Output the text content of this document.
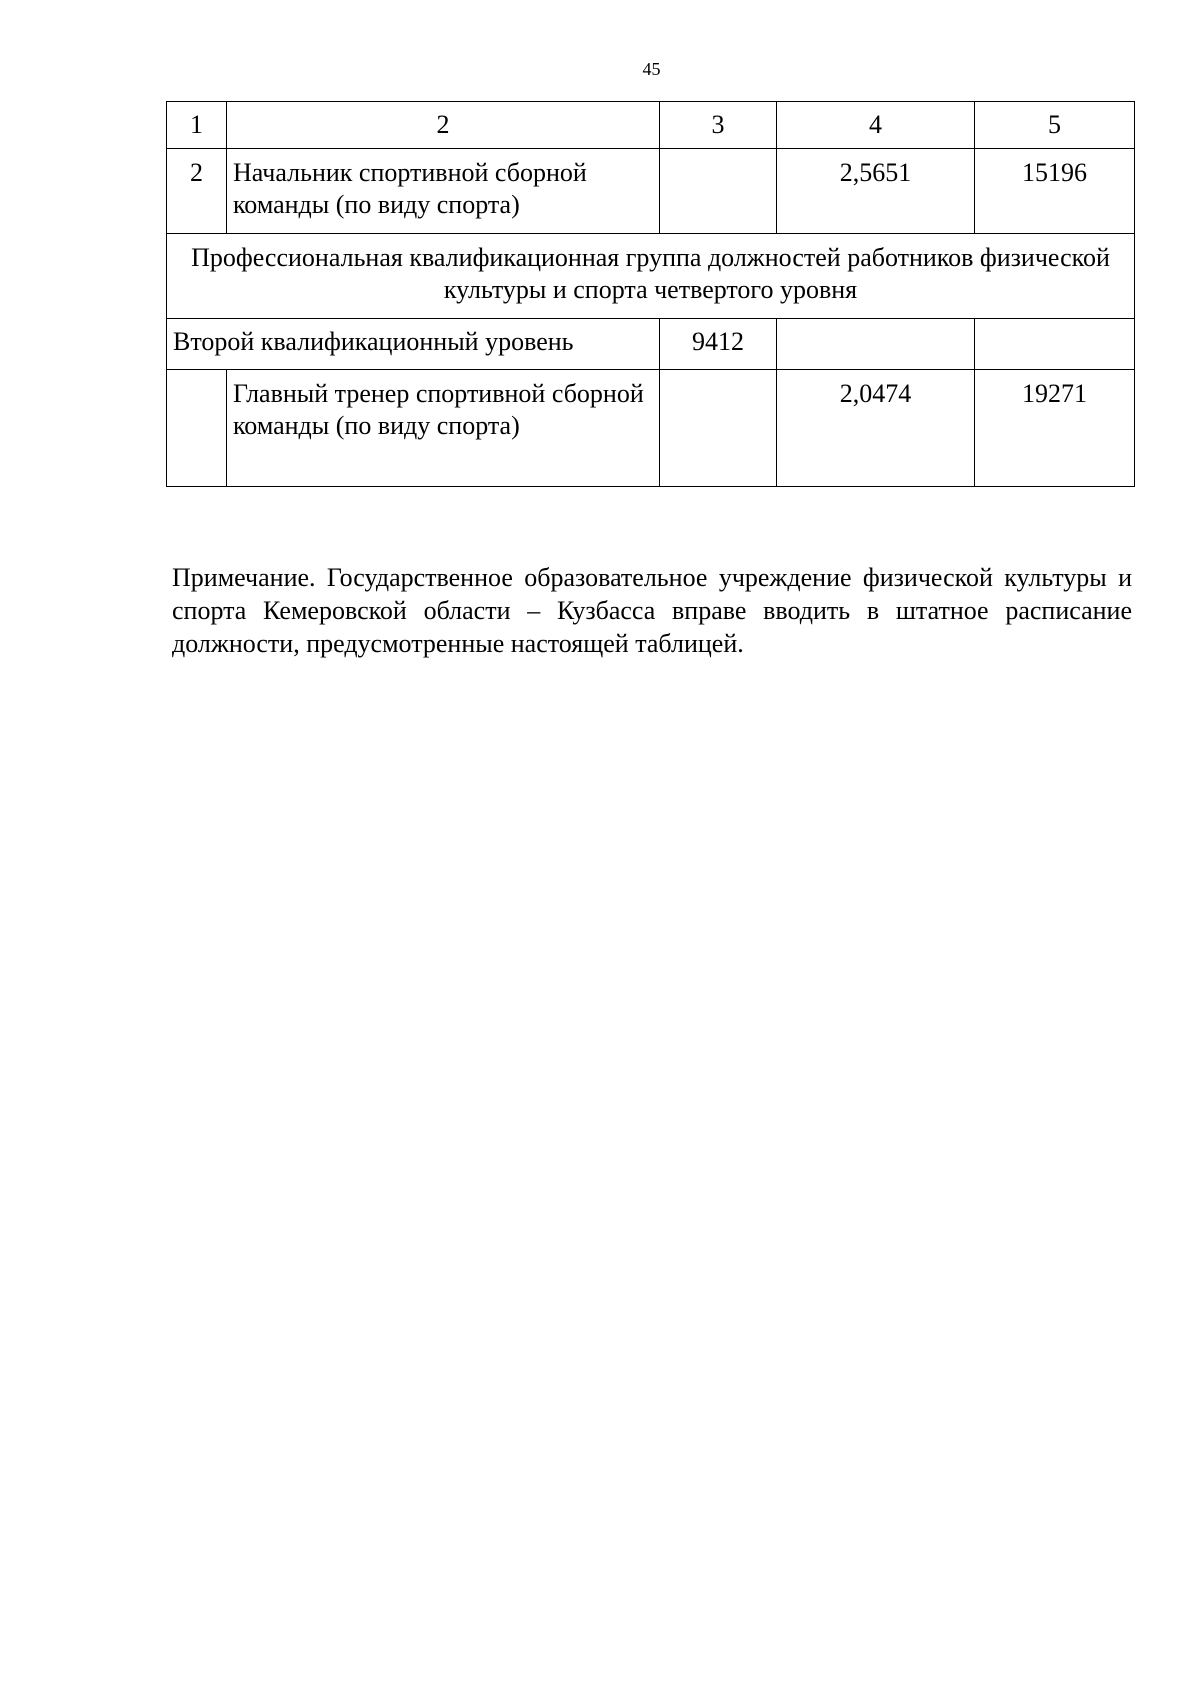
45
1	2	3	4	5
2	Начальник спортивной сборной команды (по виду спорта)		2,5651	15196
Профессиональная квалификационная группа должностей работников физической культуры и спорта четвертого уровня				
Второй квалификационный уровень		9412		
	Главный тренер спортивной сборной команды (по виду спорта)		2,0474	19271

Примечание. Государственное образовательное учреждение физической культуры и спорта Кемеровской области – Кузбасса вправе вводить в штатное расписание должности, предусмотренные настоящей таблицей.
